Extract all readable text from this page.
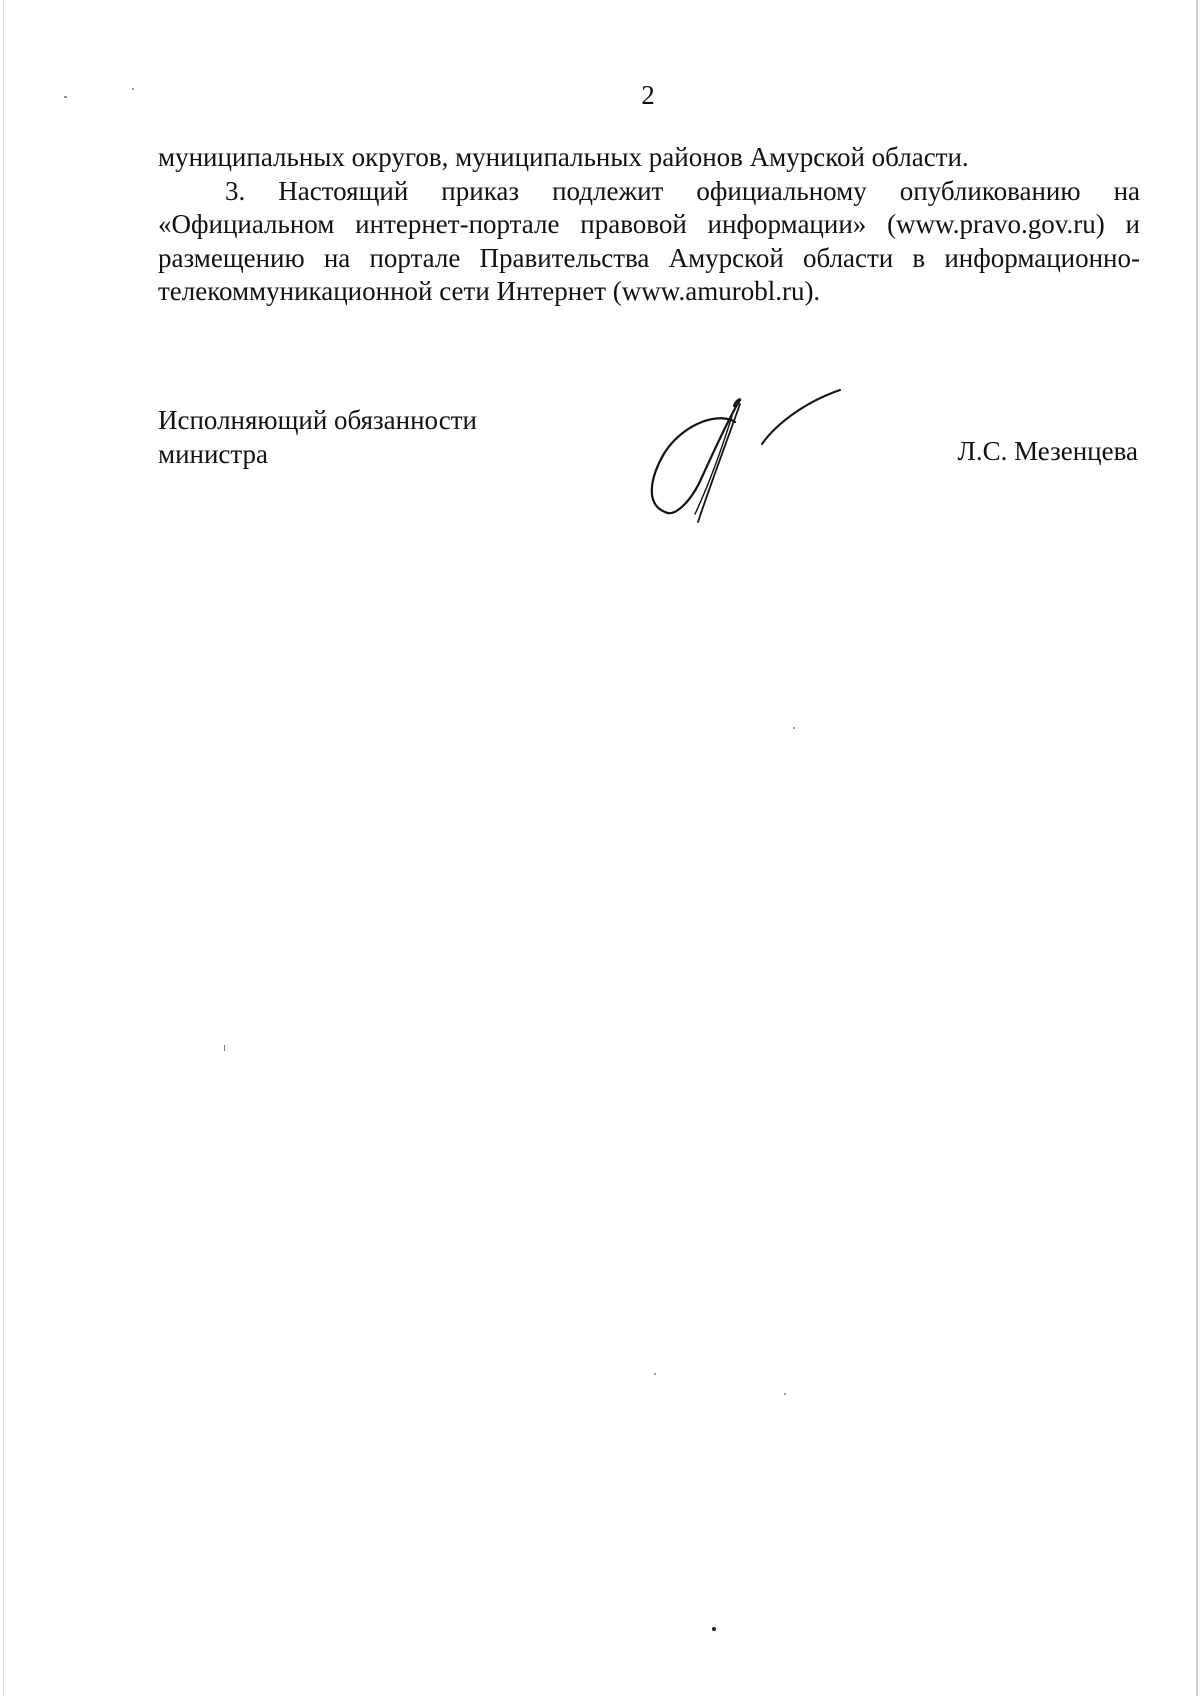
2

муниципальных округов, муниципальных районов Амурской области.

3. Настоящий приказ подлежит официальному опубликованию на «Официальном интернет-портале правовой информации» (www.pravo.gov.ru) и размещению на портале Правительства Амурской области в информационно-телекоммуникационной сети Интернет (www.amurobl.ru).

Исполняющий обязанности
министра	Л.С. Мезенцева
